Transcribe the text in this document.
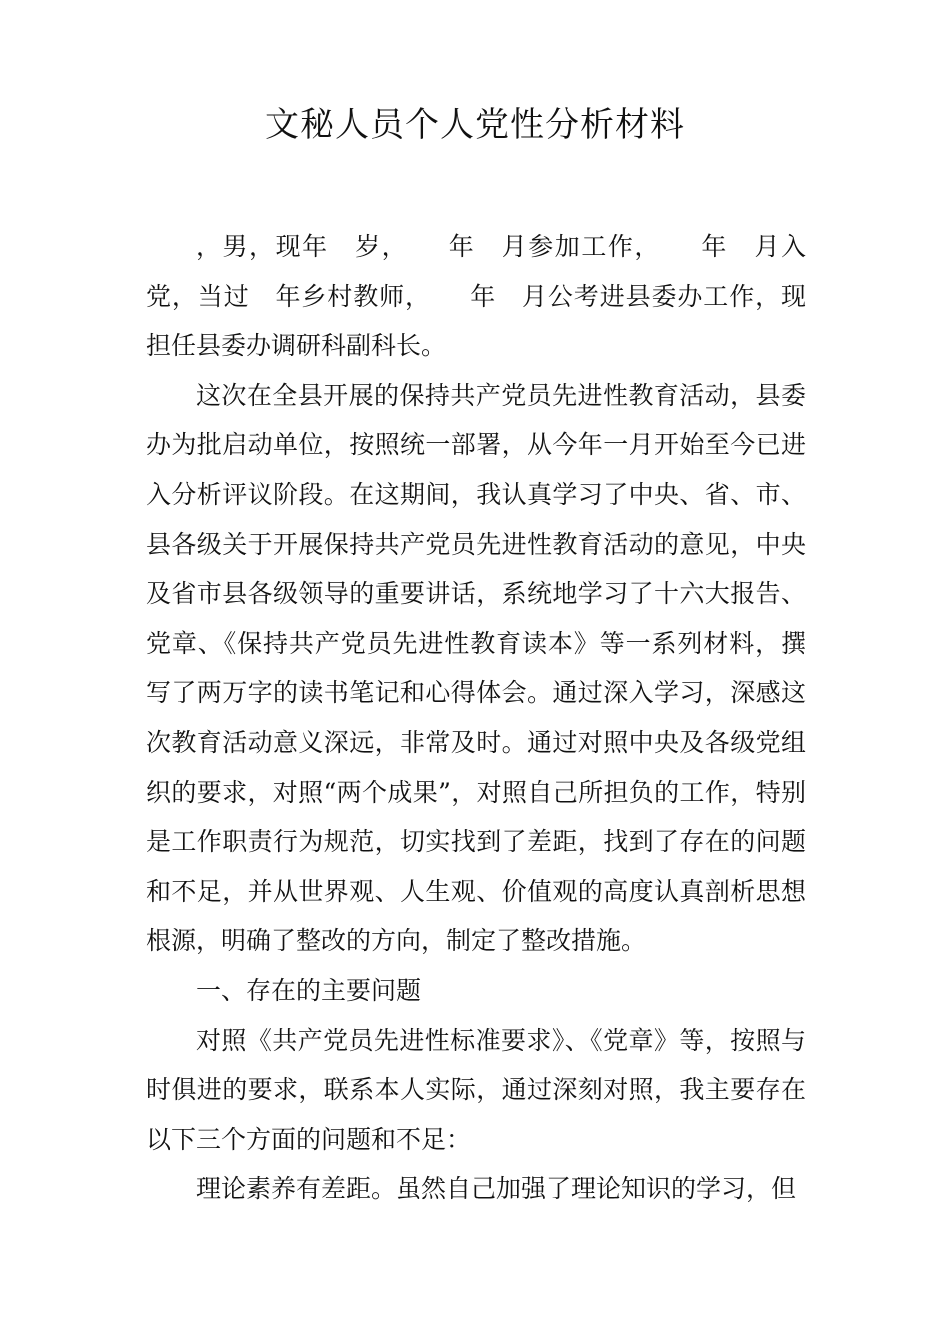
文秘人员个人党性分析材料

，男，现年　岁，　　年　月参加工作，　　年　月入党，当过　年乡村教师，　　年　月公考进县委办工作，现担任县委办调研科副科长。

这次在全县开展的保持共产党员先进性教育活动，县委办为批启动单位，按照统一部署，从今年一月开始至今已进入分析评议阶段。在这期间，我认真学习了中央、省、市、县各级关于开展保持共产党员先进性教育活动的意见，中央及省市县各级领导的重要讲话，系统地学习了十六大报告、党章、《保持共产党员先进性教育读本》等一系列材料，撰写了两万字的读书笔记和心得体会。通过深入学习，深感这次教育活动意义深远，非常及时。通过对照中央及各级党组织的要求，对照“两个成果”，对照自己所担负的工作，特别是工作职责行为规范，切实找到了差距，找到了存在的问题和不足，并从世界观、人生观、价值观的高度认真剖析思想根源，明确了整改的方向，制定了整改措施。

一、存在的主要问题

对照《共产党员先进性标准要求》、《党章》等，按照与时俱进的要求，联系本人实际，通过深刻对照，我主要存在以下三个方面的问题和不足：

理论素养有差距。虽然自己加强了理论知识的学习，但
